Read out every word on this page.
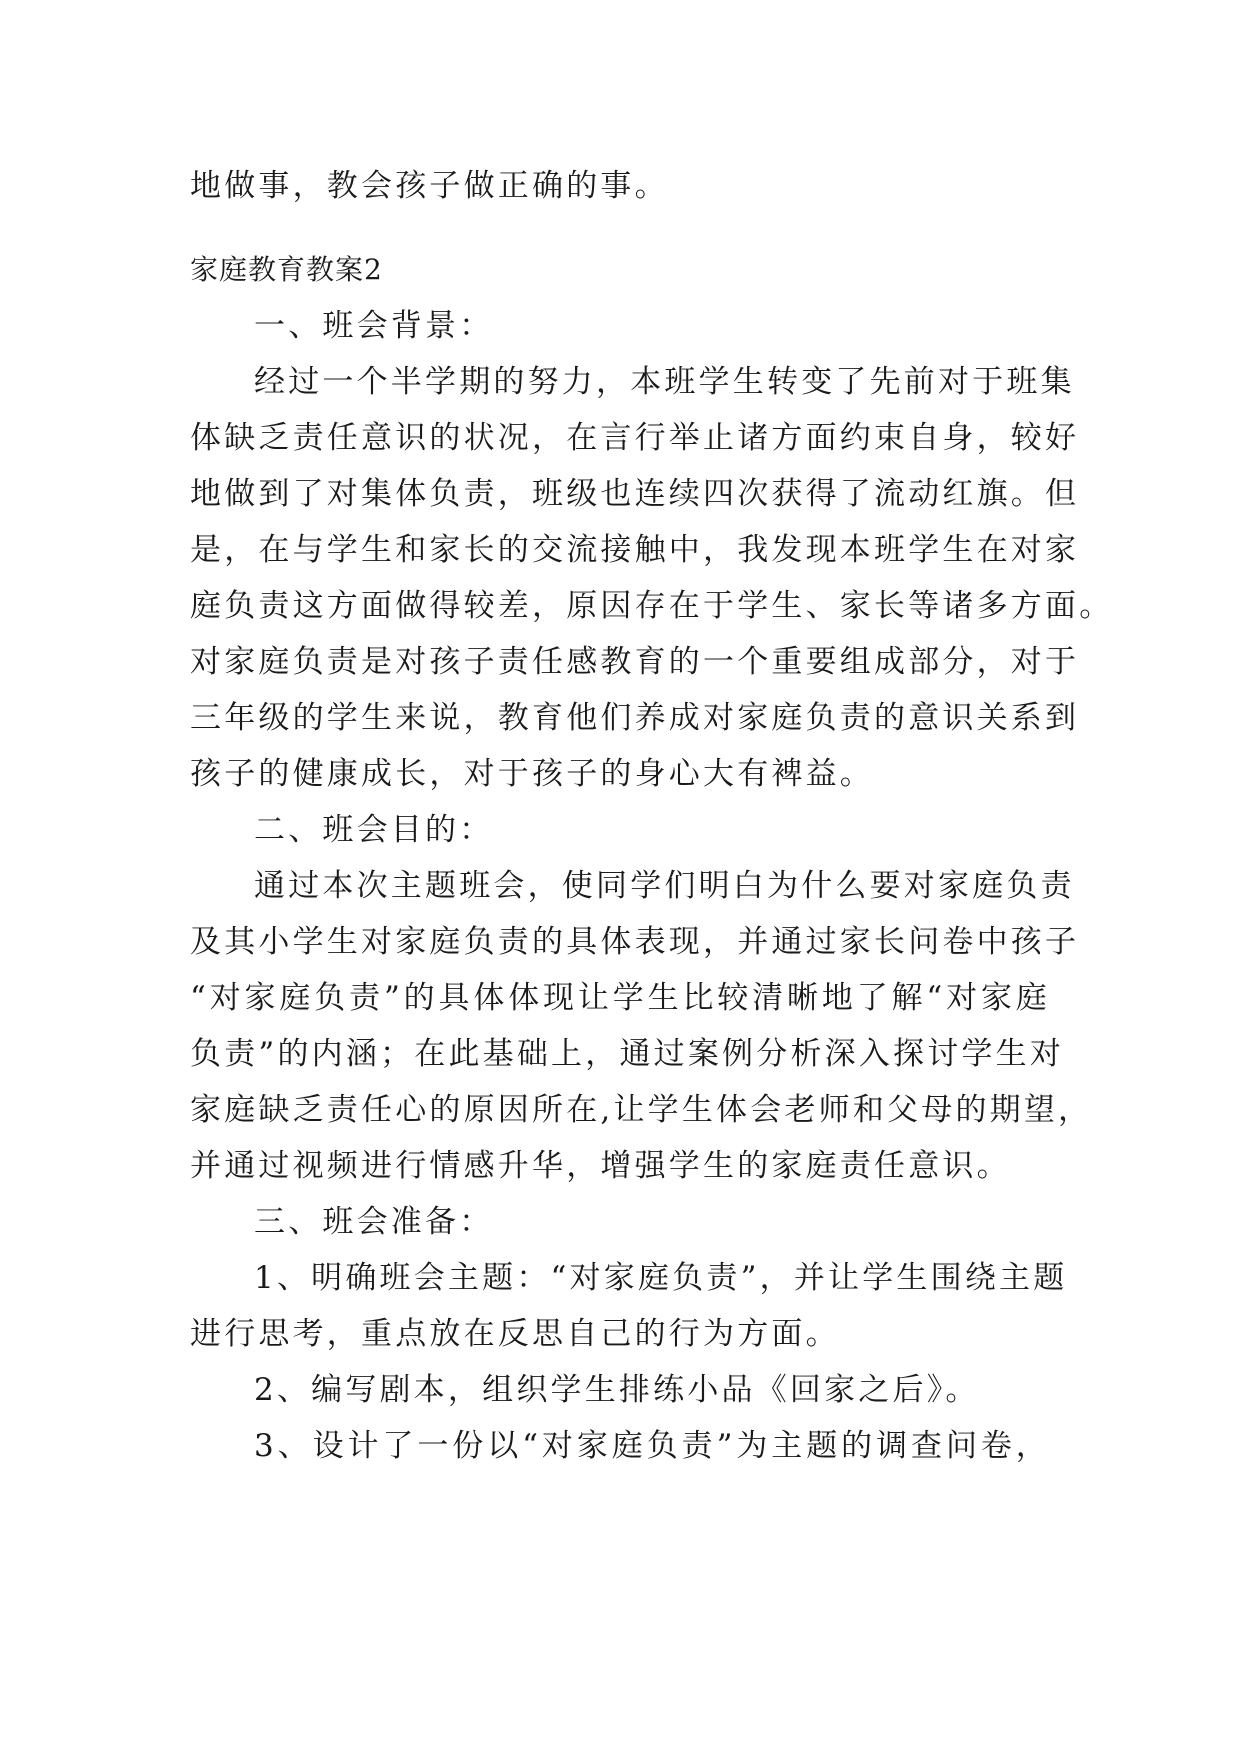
地做事，教会孩子做正确的事。
家庭教育教案2
一、班会背景：
经过一个半学期的努力，本班学生转变了先前对于班集
体缺乏责任意识的状况，在言行举止诸方面约束自身，较好
地做到了对集体负责，班级也连续四次获得了流动红旗。但
是，在与学生和家长的交流接触中，我发现本班学生在对家
庭负责这方面做得较差，原因存在于学生、家长等诸多方面。
对家庭负责是对孩子责任感教育的一个重要组成部分，对于
三年级的学生来说，教育他们养成对家庭负责的意识关系到
孩子的健康成长，对于孩子的身心大有裨益。
二、班会目的：
通过本次主题班会，使同学们明白为什么要对家庭负责
及其小学生对家庭负责的具体表现，并通过家长问卷中孩子
“对家庭负责”的具体体现让学生比较清晰地了解“对家庭
负责”的内涵；在此基础上，通过案例分析深入探讨学生对
家庭缺乏责任心的原因所在,让学生体会老师和父母的期望，
并通过视频进行情感升华，增强学生的家庭责任意识。
三、班会准备：
1、明确班会主题：“对家庭负责”，并让学生围绕主题
进行思考，重点放在反思自己的行为方面。
2、编写剧本，组织学生排练小品《回家之后》。
3、设计了一份以“对家庭负责”为主题的调查问卷，
